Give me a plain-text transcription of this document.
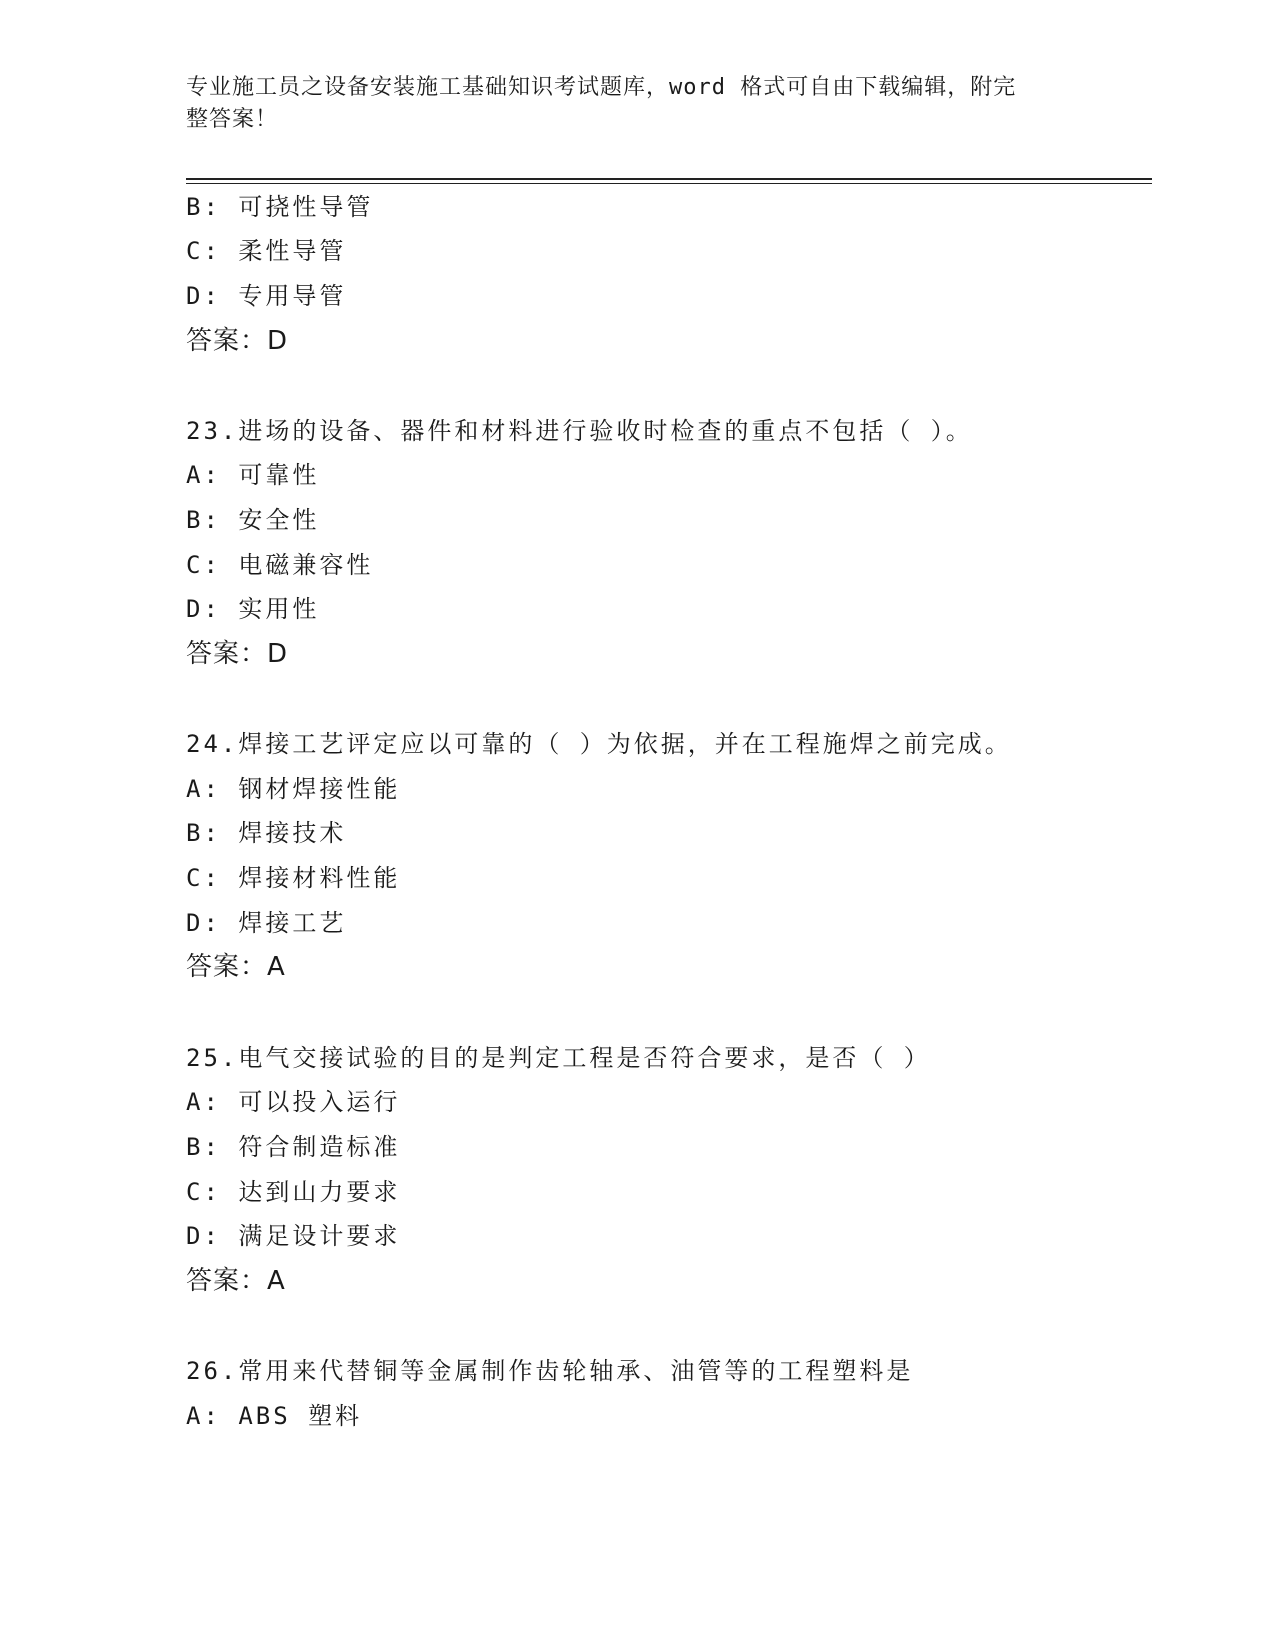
专业施工员之设备安装施工基础知识考试题库，word 格式可自由下载编辑，附完
整答案！
B: 可挠性导管
C: 柔性导管
D: 专用导管
答案：D
23.进场的设备、器件和材料进行验收时检查的重点不包括（ ）。
A: 可靠性
B: 安全性
C: 电磁兼容性
D: 实用性
答案：D
24.焊接工艺评定应以可靠的（ ）为依据，并在工程施焊之前完成。
A: 钢材焊接性能
B: 焊接技术
C: 焊接材料性能
D: 焊接工艺
答案：A
25.电气交接试验的目的是判定工程是否符合要求，是否（ ）
A: 可以投入运行
B: 符合制造标准
C: 达到山力要求
D: 满足设计要求
答案：A
26.常用来代替铜等金属制作齿轮轴承、油管等的工程塑料是
A: ABS 塑料
